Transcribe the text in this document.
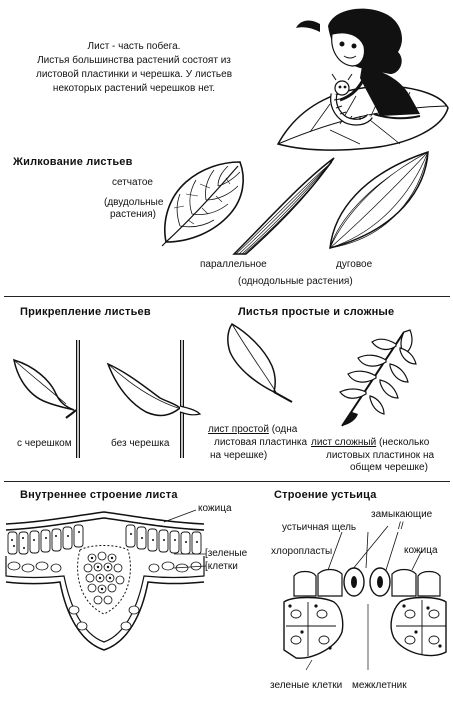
Лист - часть побега.
Листья большинства растений состоят из
листовой пластинки и черешка. У листьев
некоторых растений черешков нет.
Жилкование листьев
сетчатое
(двудольные
растения)
параллельное	дуговое
(однодольные растения)
Прикрепление листьев
с черешком	без черешка
Листья простые и сложные
лист простой (одна
листовая пластинка
на черешке)
лист сложный (несколько
листовых пластинок на
общем черешке)
Внутреннее строение листа
кожица
[зеленые
[клетки
Строение устьица
замыкающие
//
устьичная щель
хлоропласты	кожица
зеленые клетки межклетник
